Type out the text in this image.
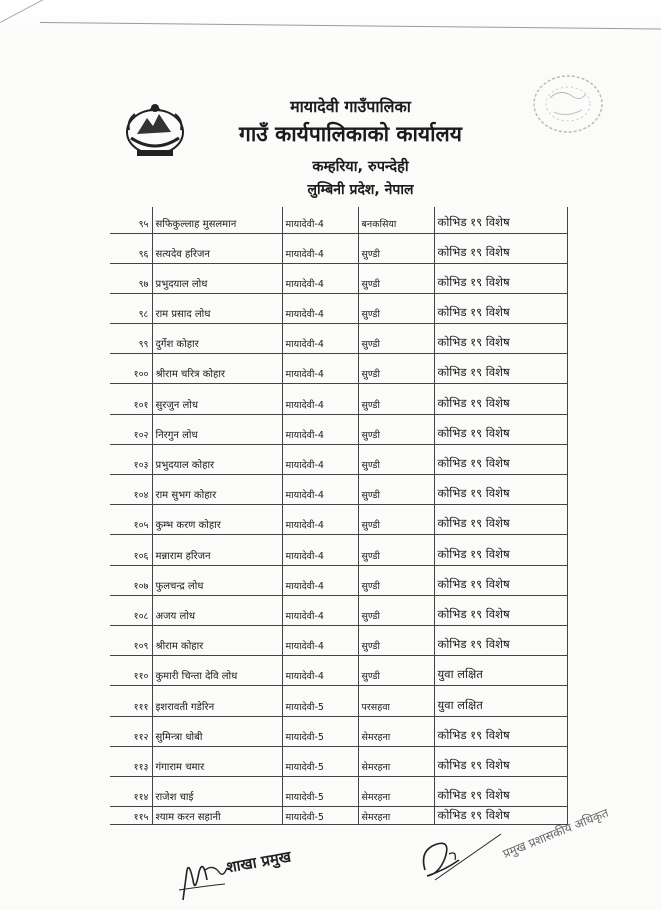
मायादेवी गाउँपालिका
गाउँ कार्यपालिकाको कार्यालय
कम्हरिया, रुपन्देही
लुम्बिनी प्रदेश, नेपाल
९५	सफिकुल्लाह मुसलमान	मायादेवी-4	बनकसिया	कोभिड १९ विशेष
९६	सत्यदेव हरिजन	मायादेवी-4	सुण्डी	कोभिड १९ विशेष
९७	प्रभुदयाल लोध	मायादेवी-4	सुण्डी	कोभिड १९ विशेष
९८	राम प्रसाद लोध	मायादेवी-4	सुण्डी	कोभिड १९ विशेष
९९	दुर्गेश कोहार	मायादेवी-4	सुण्डी	कोभिड १९ विशेष
१००	श्रीराम चरित्र कोहार	मायादेवी-4	सुण्डी	कोभिड १९ विशेष
१०१	सुरजुन लोध	मायादेवी-4	सुण्डी	कोभिड १९ विशेष
१०२	निरगुन लोध	मायादेवी-4	सुण्डी	कोभिड १९ विशेष
१०३	प्रभुदयाल कोहार	मायादेवी-4	सुण्डी	कोभिड १९ विशेष
१०४	राम सुभग कोहार	मायादेवी-4	सुण्डी	कोभिड १९ विशेष
१०५	कुम्भ करण कोहार	मायादेवी-4	सुण्डी	कोभिड १९ विशेष
१०६	मन्नाराम हरिजन	मायादेवी-4	सुण्डी	कोभिड १९ विशेष
१०७	फुलचन्द्र लोध	मायादेवी-4	सुण्डी	कोभिड १९ विशेष
१०८	अजय लोध	मायादेवी-4	सुण्डी	कोभिड १९ विशेष
१०९	श्रीराम कोहार	मायादेवी-4	सुण्डी	कोभिड १९ विशेष
११०	कुमारी चिन्ता देवि लोध	मायादेवी-4	सुण्डी	युवा लक्षित
१११	इशरावती गडेरिन	मायादेवी-5	परसहवा	युवा लक्षित
११२	सुमिन्त्रा धोबी	मायादेवी-5	सेमरहना	कोभिड १९ विशेष
११३	गंगाराम चमार	मायादेवी-5	सेमरहना	कोभिड १९ विशेष
११४	राजेश चाई	मायादेवी-5	सेमरहना	कोभिड १९ विशेष
११५	श्याम करन सहानी	मायादेवी-5	सेमरहना	कोभिड १९ विशेष
शाखा प्रमुख
प्रमुख प्रशासकीय अधिकृत
